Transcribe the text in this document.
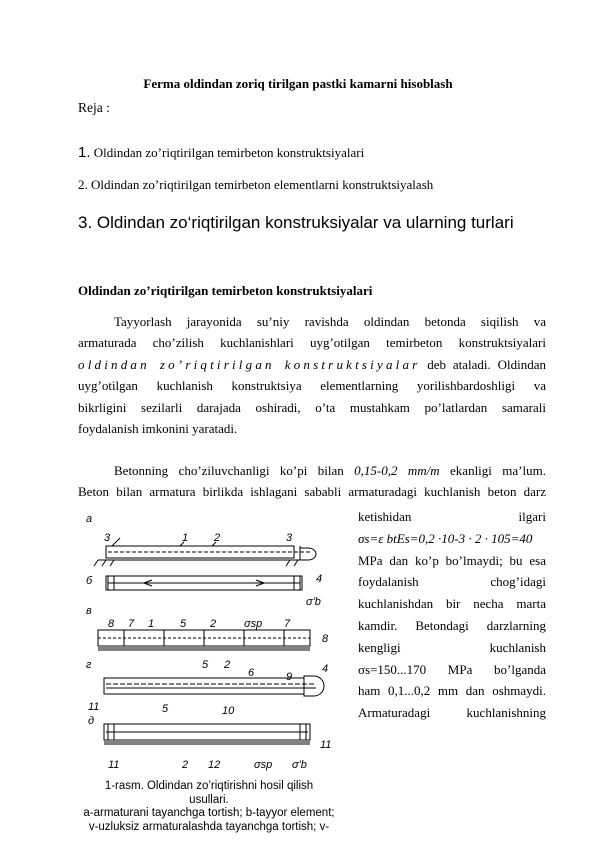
Ferma oldindan zoriq tirilgan pastki kamarni hisoblash
Reja :
1. Oldindan zo’riqtirilgan temirbeton konstruktsiyalari
2. Oldindan zo’riqtirilgan temirbeton elementlarni konstruktsiyalash
3. Oldindan zo‘riqtirilgan konstruksiyalar va ularning turlari
Oldindan zo’riqtirilgan temirbeton konstruktsiyalari
Tayyorlash jarayonida su’niy ravishda oldindan betonda siqilish va
armaturada cho’zilish kuchlanishlari uyg’otilgan temirbeton konstruktsiyalari
oldindan zo’riqtirilgan konstruktsiyalar deb ataladi. Oldindan
uyg’otilgan kuchlanish konstruktsiya elementlarning yorilishbardoshligi va
bikrligini sezilarli darajada oshiradi, o’ta mustahkam po’latlardan samarali
foydalanish imkonini yaratadi.
Betonning cho’ziluvchanligi ko’pi bilan 0,15-0,2 mm/m ekanligi ma’lum.
Beton bilan armatura birlikda ishlagani sababli armaturadagi kuchlanish beton darz
ketishidan ilgari
σs=ε btEs=0,2 ·10-3 · 2 · 105=40
MPa dan ko’p bo’lmaydi; bu esa
foydalanish chog’idagi
kuchlanishdan bir necha marta
kamdir. Betondagi darzlarning
kengligi kuchlanish
σs=150...170 MPa bo’lganda
ham 0,1...0,2 mm dan oshmaydi.
Armaturadagi kuchlanishning
а
3	1 2	3
4
б
σ'b
в
8 7 1 5 2	σsp 7
8
г	5 2
6	9
4
11	5	10
д
11
11	2 12	σsp σ'b
1-rasm. Oldindan zo’riqtirishni hosil qilish
usullari.
a-armaturani tayanchga tortish; b-tayyor element;
v-uzluksiz armaturalashda tayanchga tortish; v-
